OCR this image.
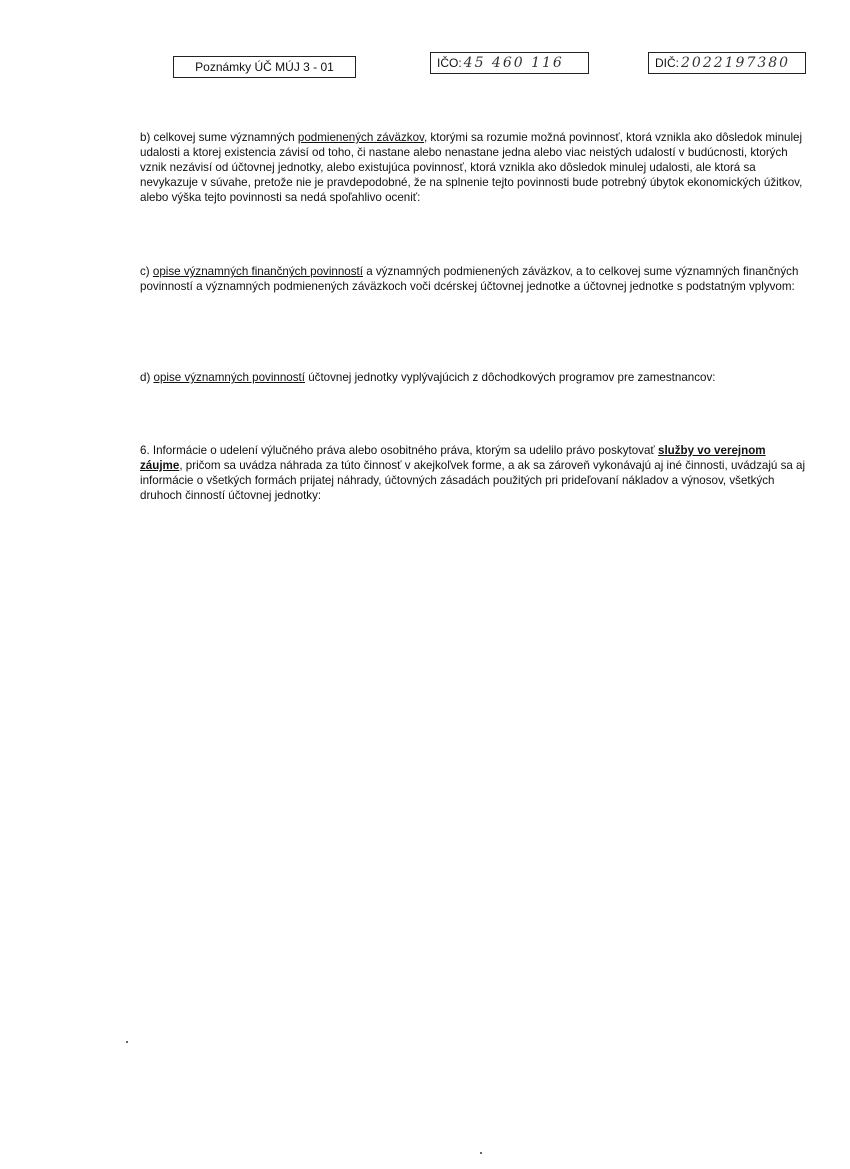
Poznámky ÚČ MÚJ 3 - 01	IČO: 45 460 116	DIČ: 2022197380

b) celkovej sume významných podmienených záväzkov, ktorými sa rozumie možná povinnosť, ktorá vznikla ako dôsledok minulej udalosti a ktorej existencia závisí od toho, či nastane alebo nenastane jedna alebo viac neistých udalostí v budúcnosti, ktorých vznik nezávisí od účtovnej jednotky, alebo existujúca povinnosť, ktorá vznikla ako dôsledok minulej udalosti, ale ktorá sa nevykazuje v súvahe, pretože nie je pravdepodobné, že na splnenie tejto povinnosti bude potrebný úbytok ekonomických úžitkov, alebo výška tejto povinnosti sa nedá spoľahlivo oceniť:

c) opise významných finančných povinností a významných podmienených záväzkov, a to celkovej sume významných finančných povinností a významných podmienených záväzkoch voči dcérskej účtovnej jednotke a účtovnej jednotke s podstatným vplyvom:

d) opise významných povinností účtovnej jednotky vyplývajúcich z dôchodkových programov pre zamestnancov:

6. Informácie o udelení výlučného práva alebo osobitného práva, ktorým sa udelilo právo poskytovať služby vo verejnom záujme, pričom sa uvádza náhrada za túto činnosť v akejkoľvek forme, a ak sa zároveň vykonávajú aj iné činnosti, uvádzajú sa aj informácie o všetkých formách prijatej náhrady, účtovných zásadách použitých pri prideľovaní nákladov a výnosov, všetkých druhoch činností účtovnej jednotky:
